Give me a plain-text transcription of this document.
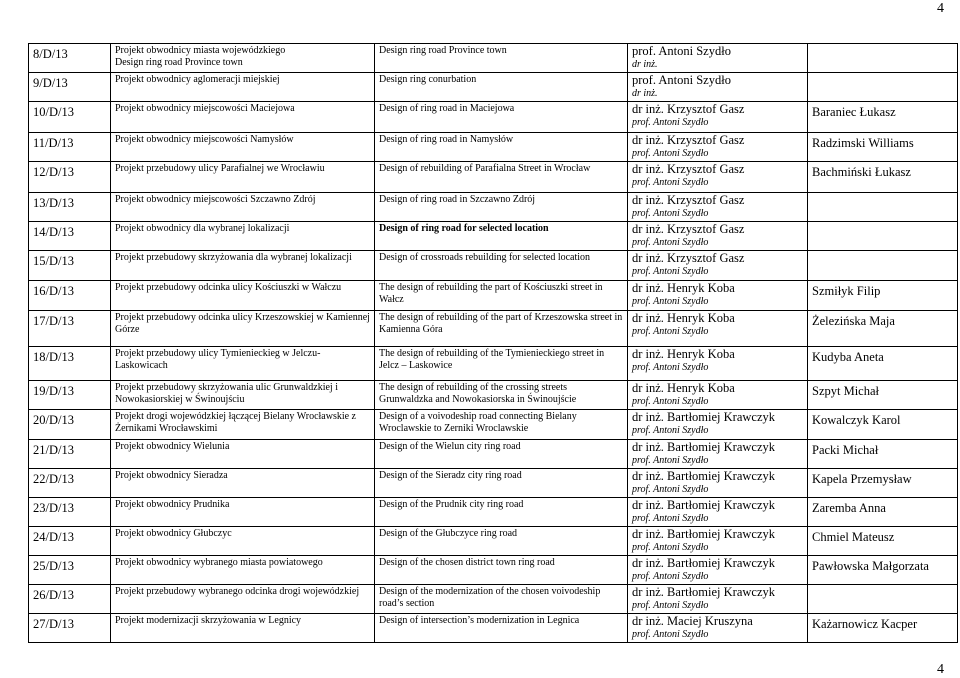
4
8/D/13	Projekt obwodnicy miasta wojewódzkiego
Design ring road Province town	Design ring road Province town	prof. Antoni Szydło
dr inż.	

9/D/13	Projekt obwodnicy aglomeracji miejskiej	Design ring conurbation	prof. Antoni Szydło
dr inż.	

10/D/13	Projekt obwodnicy miejscowości Maciejowa	Design of ring road in Maciejowa	dr inż. Krzysztof Gasz
prof. Antoni Szydło	Baraniec Łukasz
11/D/13	Projekt obwodnicy miejscowości Namysłów	Design of ring road in Namysłów	dr inż. Krzysztof Gasz
prof. Antoni Szydło	Radzimski Williams
12/D/13	Projekt przebudowy ulicy Parafialnej we Wrocławiu	Design of rebuilding of Parafialna Street in Wrocław	dr inż. Krzysztof Gasz
prof. Antoni Szydło	Bachmiński Łukasz
13/D/13	Projekt obwodnicy miejscowości Szczawno Zdrój	Design of ring road in Szczawno Zdrój	dr inż. Krzysztof Gasz
prof. Antoni Szydło	

14/D/13	Projekt obwodnicy dla wybranej lokalizacji	Design of ring road for selected location	dr inż. Krzysztof Gasz
prof. Antoni Szydło	

15/D/13	Projekt przebudowy skrzyżowania dla wybranej lokalizacji	Design of crossroads rebuilding for selected location	dr inż. Krzysztof Gasz
prof. Antoni Szydło	

16/D/13	Projekt przebudowy odcinka ulicy Kościuszki w Wałczu	The design of rebuilding the part of Kościuszki street in Wałcz	dr inż. Henryk Koba
prof. Antoni Szydło	Szmiłyk Filip
17/D/13	Projekt przebudowy odcinka ulicy Krzeszowskiej w Kamiennej Górze	The design of rebuilding of the part of Krzeszowska street in Kamienna Góra	dr inż. Henryk Koba
prof. Antoni Szydło	Żelezińska Maja
18/D/13	Projekt przebudowy ulicy Tymienieckieg w Jelczu-Laskowicach	The design of rebuilding of the Tymienieckiego street in Jelcz – Laskowice	dr inż. Henryk Koba
prof. Antoni Szydło	Kudyba Aneta
19/D/13	Projekt przebudowy skrzyżowania ulic Grunwaldzkiej i Nowokasiorskiej w Świnoujściu	The design of rebuilding of the crossing streets Grunwaldzka and Nowokasiorska in Świnoujście	dr inż. Henryk Koba
prof. Antoni Szydło	Szpyt Michał
20/D/13	Projekt drogi wojewódzkiej łączącej Bielany Wrocławskie z Żernikami Wrocławskimi	Design of a voivodeship road connecting Bielany Wroclawskie to Zerniki Wroclawskie	dr inż. Bartłomiej Krawczyk
prof. Antoni Szydło	Kowalczyk Karol
21/D/13	Projekt obwodnicy Wielunia	Design of the Wielun city ring road	dr inż. Bartłomiej Krawczyk
prof. Antoni Szydło	Packi Michał
22/D/13	Projekt obwodnicy Sieradza	Design of the Sieradz city ring road	dr inż. Bartłomiej Krawczyk
prof. Antoni Szydło	Kapela Przemysław
23/D/13	Projekt obwodnicy Prudnika	Design of the Prudnik city ring road	dr inż. Bartłomiej Krawczyk
prof. Antoni Szydło	Zaremba Anna
24/D/13	Projekt obwodnicy Głubczyc	Design of the Głubczyce ring road	dr inż. Bartłomiej Krawczyk
prof. Antoni Szydło	Chmiel Mateusz
25/D/13	Projekt obwodnicy wybranego miasta powiatowego	Design of the chosen district town ring road	dr inż. Bartłomiej Krawczyk
prof. Antoni Szydło	Pawłowska Małgorzata
26/D/13	Projekt przebudowy wybranego odcinka drogi wojewódzkiej	Design of the modernization of the chosen voivodeship road’s section	dr inż. Bartłomiej Krawczyk
prof. Antoni Szydło	

27/D/13	Projekt modernizacji skrzyżowania w Legnicy	Design of intersection’s modernization in Legnica	dr inż. Maciej Kruszyna
prof. Antoni Szydło	Każarnowicz Kacper
4
